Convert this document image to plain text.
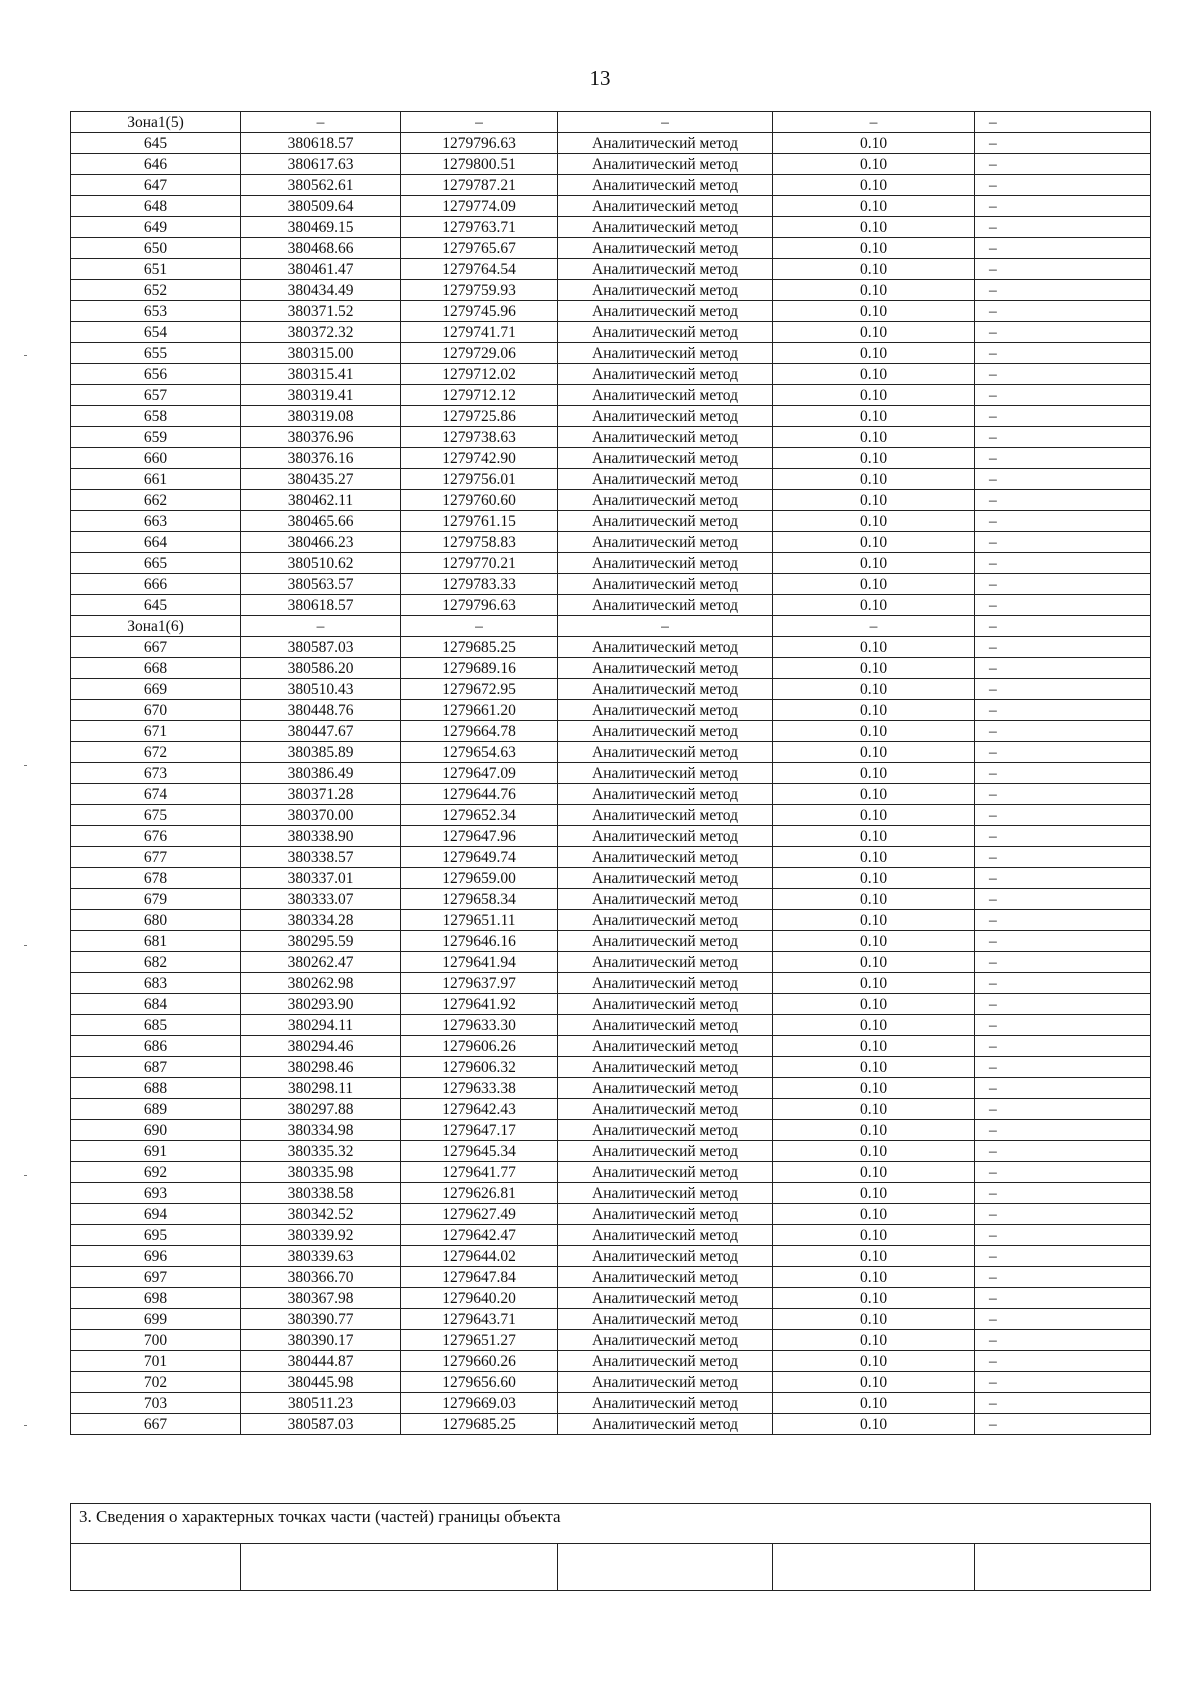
13
Зона1(5)	–	–	–	–	–
645	380618.57	1279796.63	Аналитический метод	0.10	–
646	380617.63	1279800.51	Аналитический метод	0.10	–
647	380562.61	1279787.21	Аналитический метод	0.10	–
648	380509.64	1279774.09	Аналитический метод	0.10	–
649	380469.15	1279763.71	Аналитический метод	0.10	–
650	380468.66	1279765.67	Аналитический метод	0.10	–
651	380461.47	1279764.54	Аналитический метод	0.10	–
652	380434.49	1279759.93	Аналитический метод	0.10	–
653	380371.52	1279745.96	Аналитический метод	0.10	–
654	380372.32	1279741.71	Аналитический метод	0.10	–
655	380315.00	1279729.06	Аналитический метод	0.10	–
656	380315.41	1279712.02	Аналитический метод	0.10	–
657	380319.41	1279712.12	Аналитический метод	0.10	–
658	380319.08	1279725.86	Аналитический метод	0.10	–
659	380376.96	1279738.63	Аналитический метод	0.10	–
660	380376.16	1279742.90	Аналитический метод	0.10	–
661	380435.27	1279756.01	Аналитический метод	0.10	–
662	380462.11	1279760.60	Аналитический метод	0.10	–
663	380465.66	1279761.15	Аналитический метод	0.10	–
664	380466.23	1279758.83	Аналитический метод	0.10	–
665	380510.62	1279770.21	Аналитический метод	0.10	–
666	380563.57	1279783.33	Аналитический метод	0.10	–
645	380618.57	1279796.63	Аналитический метод	0.10	–
Зона1(6)	–	–	–	–	–
667	380587.03	1279685.25	Аналитический метод	0.10	–
668	380586.20	1279689.16	Аналитический метод	0.10	–
669	380510.43	1279672.95	Аналитический метод	0.10	–
670	380448.76	1279661.20	Аналитический метод	0.10	–
671	380447.67	1279664.78	Аналитический метод	0.10	–
672	380385.89	1279654.63	Аналитический метод	0.10	–
673	380386.49	1279647.09	Аналитический метод	0.10	–
674	380371.28	1279644.76	Аналитический метод	0.10	–
675	380370.00	1279652.34	Аналитический метод	0.10	–
676	380338.90	1279647.96	Аналитический метод	0.10	–
677	380338.57	1279649.74	Аналитический метод	0.10	–
678	380337.01	1279659.00	Аналитический метод	0.10	–
679	380333.07	1279658.34	Аналитический метод	0.10	–
680	380334.28	1279651.11	Аналитический метод	0.10	–
681	380295.59	1279646.16	Аналитический метод	0.10	–
682	380262.47	1279641.94	Аналитический метод	0.10	–
683	380262.98	1279637.97	Аналитический метод	0.10	–
684	380293.90	1279641.92	Аналитический метод	0.10	–
685	380294.11	1279633.30	Аналитический метод	0.10	–
686	380294.46	1279606.26	Аналитический метод	0.10	–
687	380298.46	1279606.32	Аналитический метод	0.10	–
688	380298.11	1279633.38	Аналитический метод	0.10	–
689	380297.88	1279642.43	Аналитический метод	0.10	–
690	380334.98	1279647.17	Аналитический метод	0.10	–
691	380335.32	1279645.34	Аналитический метод	0.10	–
692	380335.98	1279641.77	Аналитический метод	0.10	–
693	380338.58	1279626.81	Аналитический метод	0.10	–
694	380342.52	1279627.49	Аналитический метод	0.10	–
695	380339.92	1279642.47	Аналитический метод	0.10	–
696	380339.63	1279644.02	Аналитический метод	0.10	–
697	380366.70	1279647.84	Аналитический метод	0.10	–
698	380367.98	1279640.20	Аналитический метод	0.10	–
699	380390.77	1279643.71	Аналитический метод	0.10	–
700	380390.17	1279651.27	Аналитический метод	0.10	–
701	380444.87	1279660.26	Аналитический метод	0.10	–
702	380445.98	1279656.60	Аналитический метод	0.10	–
703	380511.23	1279669.03	Аналитический метод	0.10	–
667	380587.03	1279685.25	Аналитический метод	0.10	–
3. Сведения о характерных точках части (частей) границы объекта
